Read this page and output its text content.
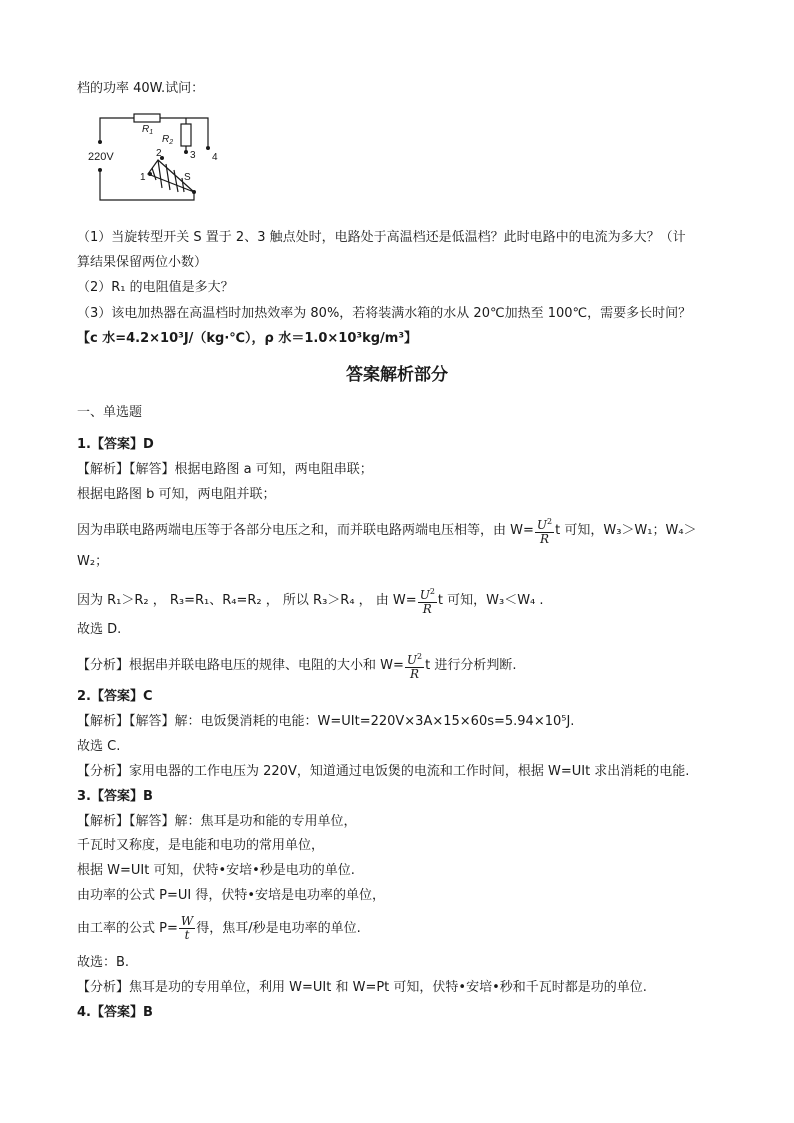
档的功率 40W.试问：
220V
$R_1$
$R_2$
3 4
2
1	S
（1）当旋转型开关 S 置于 2、3 触点处时，电路处于高温档还是低温档？此时电路中的电流为多大？（计
算结果保留两位小数）
（2）R₁ 的电阻值是多大？
（3）该电加热器在高温档时加热效率为 80%，若将装满水箱的水从 20℃加热至 100℃，需要多长时间？
【c 水=4.2×10³J/（kg·℃），ρ 水＝1.0×10³kg/m³】
答案解析部分
一、单选题
1.【答案】D
【解析】【解答】根据电路图 a 可知，两电阻串联；
根据电路图 b 可知，两电阻并联；
因为串联电路两端电压等于各部分电压之和，而并联电路两端电压相等，由 $W= \frac{U^2}{R}$ t 可知，W₃＞W₁；W₄＞
W₂；
因为 R₁＞R₂ ， R₃=R₁、R₄=R₂ ， 所以 R₃＞R₄ ， 由 $W= \frac{U^2}{R}$ t 可知，W₃＜W₄ .
故选 D.
【分析】根据串并联电路电压的规律、电阻的大小和 $W= \frac{U^2}{R}$ t 进行分析判断.
2.【答案】C
【解析】【解答】解：电饭煲消耗的电能：W=UIt=220V×3A×15×60s=5.94×10⁵J.
故选 C.
【分析】家用电器的工作电压为 220V，知道通过电饭煲的电流和工作时间，根据 W=UIt 求出消耗的电能.
3.【答案】B
【解析】【解答】解：焦耳是功和能的专用单位，
千瓦时又称度，是电能和电功的常用单位，
根据 W=UIt 可知，伏特•安培•秒是电功的单位.
由功率的公式 P=UI 得，伏特•安培是电功率的单位，
由工率的公式 $P= \frac{W}{t}$ 得，焦耳/秒是电功率的单位.
故选：B.
【分析】焦耳是功的专用单位，利用 W=UIt 和 W=Pt 可知，伏特•安培•秒和千瓦时都是功的单位.
4.【答案】B
